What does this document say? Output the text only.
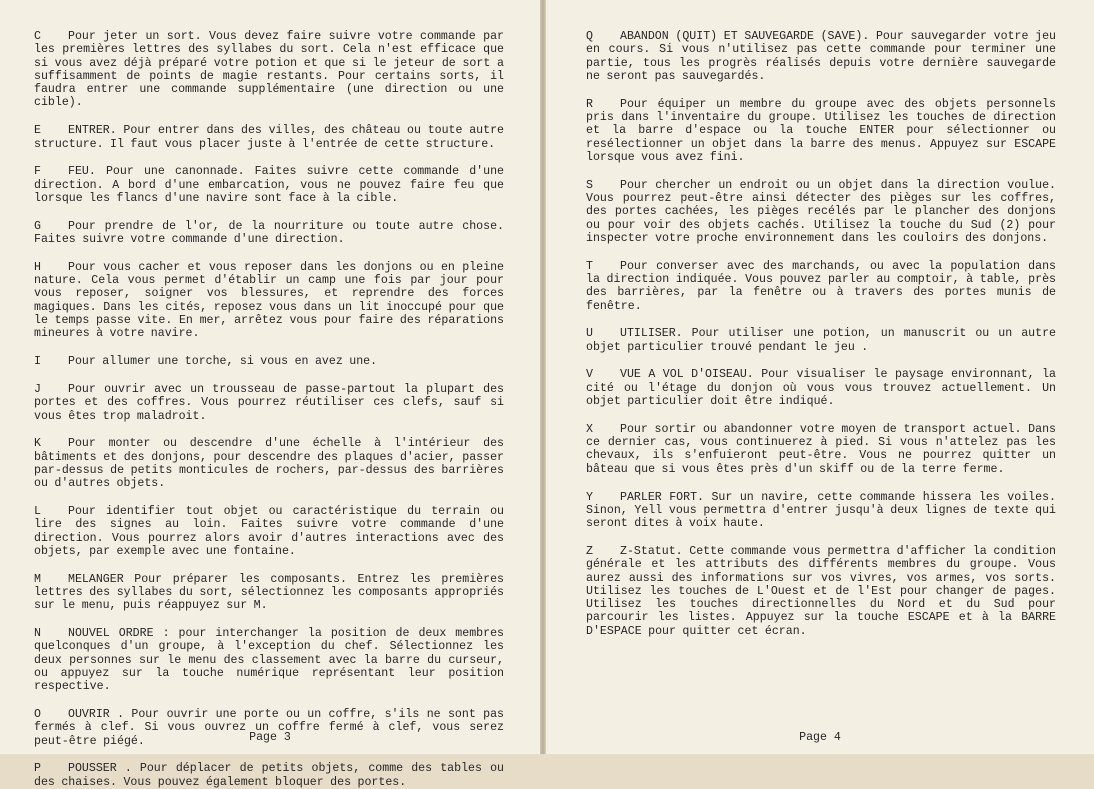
C Pour jeter un sort. Vous devez faire suivre votre commande par les premières lettres des syllabes du sort. Cela n'est efficace que si vous avez déjà préparé votre potion et que si le jeteur de sort a suffisamment de points de magie restants. Pour certains sorts, il faudra entrer une commande supplémentaire (une direction ou une cible).

E ENTRER. Pour entrer dans des villes, des château ou toute autre structure. Il faut vous placer juste à l'entrée de cette structure.

F FEU. Pour une canonnade. Faites suivre cette commande d'une direction. A bord d'une embarcation, vous ne pouvez faire feu que lorsque les flancs d'une navire sont face à la cible.

G Pour prendre de l'or, de la nourriture ou toute autre chose. Faites suivre votre commande d'une direction.

H Pour vous cacher et vous reposer dans les donjons ou en pleine nature. Cela vous permet d'établir un camp une fois par jour pour vous reposer, soigner vos blessures, et reprendre des forces magiques. Dans les cités, reposez vous dans un lit inoccupé pour que le temps passe vite. En mer, arrêtez vous pour faire des réparations mineures à votre navire.

I Pour allumer une torche, si vous en avez une.

J Pour ouvrir avec un trousseau de passe-partout la plupart des portes et des coffres. Vous pourrez réutiliser ces clefs, sauf si vous êtes trop maladroit.

K Pour monter ou descendre d'une échelle à l'intérieur des bâtiments et des donjons, pour descendre des plaques d'acier, passer par-dessus de petits monticules de rochers, par-dessus des barrières ou d'autres objets.

L Pour identifier tout objet ou caractéristique du terrain ou lire des signes au loin. Faites suivre votre commande d'une direction. Vous pourrez alors avoir d'autres interactions avec des objets, par exemple avec une fontaine.

M MELANGER Pour préparer les composants. Entrez les premières lettres des syllabes du sort, sélectionnez les composants appropriés sur le menu, puis réappuyez sur M.

N NOUVEL ORDRE : pour interchanger la position de deux membres quelconques d'un groupe, à l'exception du chef. Sélectionnez les deux personnes sur le menu des classement avec la barre du curseur, ou appuyez sur la touche numérique représentant leur position respective.

O OUVRIR . Pour ouvrir une porte ou un coffre, s'ils ne sont pas fermés à clef. Si vous ouvrez un coffre fermé à clef, vous serez peut-être piégé.

P POUSSER . Pour déplacer de petits objets, comme des tables ou des chaises. Vous pouvez également bloquer des portes.

Page 3

Q ABANDON (QUIT) ET SAUVEGARDE (SAVE). Pour sauvegarder votre jeu en cours. Si vous n'utilisez pas cette commande pour terminer une partie, tous les progrès réalisés depuis votre dernière sauvegarde ne seront pas sauvegardés.

R Pour équiper un membre du groupe avec des objets personnels pris dans l'inventaire du groupe. Utilisez les touches de direction et la barre d'espace ou la touche ENTER pour sélectionner ou resélectionner un objet dans la barre des menus. Appuyez sur ESCAPE lorsque vous avez fini.

S Pour chercher un endroit ou un objet dans la direction voulue. Vous pourrez peut-être ainsi détecter des pièges sur les coffres, des portes cachées, les pièges recélés par le plancher des donjons ou pour voir des objets cachés. Utilisez la touche du Sud (2) pour inspecter votre proche environnement dans les couloirs des donjons.

T Pour converser avec des marchands, ou avec la population dans la direction indiquée. Vous pouvez parler au comptoir, à table, près des barrières, par la fenêtre ou à travers des portes munis de fenêtre.

U UTILISER. Pour utiliser une potion, un manuscrit ou un autre objet particulier trouvé pendant le jeu .

V VUE A VOL D'OISEAU. Pour visualiser le paysage environnant, la cité ou l'étage du donjon où vous vous trouvez actuellement. Un objet particulier doit être indiqué.

X Pour sortir ou abandonner votre moyen de transport actuel. Dans ce dernier cas, vous continuerez à pied. Si vous n'attelez pas les chevaux, ils s'enfuieront peut-être. Vous ne pourrez quitter un bâteau que si vous êtes près d'un skiff ou de la terre ferme.

Y PARLER FORT. Sur un navire, cette commande hissera les voiles. Sinon, Yell vous permettra d'entrer jusqu'à deux lignes de texte qui seront dites à voix haute.

Z Z-Statut. Cette commande vous permettra d'afficher la condition générale et les attributs des différents membres du groupe. Vous aurez aussi des informations sur vos vivres, vos armes, vos sorts. Utilisez les touches de L'Ouest et de l'Est pour changer de pages. Utilisez les touches directionnelles du Nord et du Sud pour parcourir les listes. Appuyez sur la touche ESCAPE et à la BARRE D'ESPACE pour quitter cet écran.

Page 4
